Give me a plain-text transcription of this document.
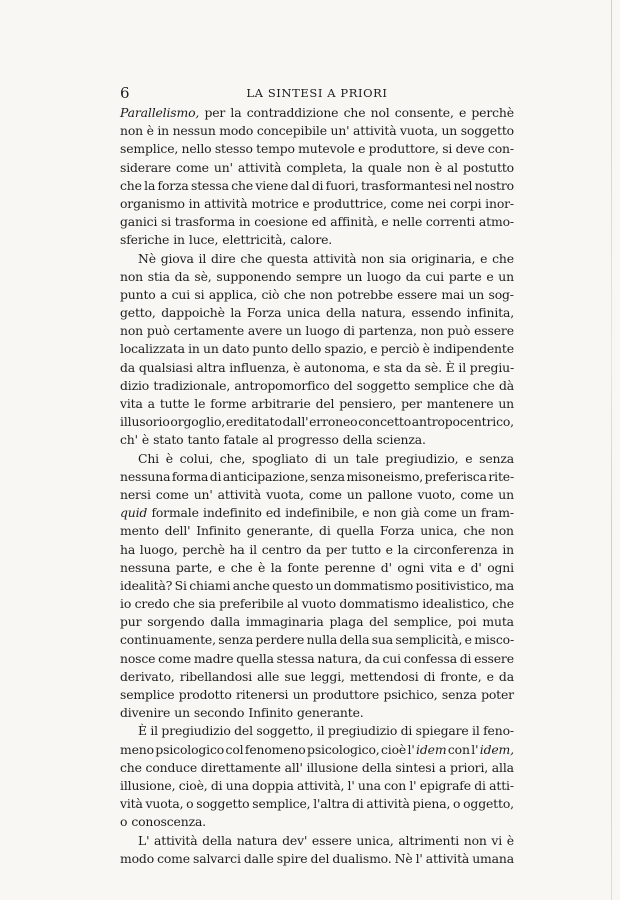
6	LA SINTESI A PRIORI
Parallelismo, per la contraddizione che nol consente, e perchè
non è in nessun modo concepibile un' attività vuota, un soggetto
semplice, nello stesso tempo mutevole e produttore, si deve con-
siderare come un' attività completa, la quale non è al postutto
che la forza stessa che viene dal di fuori, trasformantesi nel nostro
organismo in attività motrice e produttrice, come nei corpi inor-
ganici si trasforma in coesione ed affinità, e nelle correnti atmo-
sferiche in luce, elettricità, calore.
Nè giova il dire che questa attività non sia originaria, e che
non stia da sè, supponendo sempre un luogo da cui parte e un
punto a cui si applica, ciò che non potrebbe essere mai un sog-
getto, dappoichè la Forza unica della natura, essendo infinita,
non può certamente avere un luogo di partenza, non può essere
localizzata in un dato punto dello spazio, e perciò è indipendente
da qualsiasi altra influenza, è autonoma, e sta da sè. È il pregiu-
dizio tradizionale, antropomorfico del soggetto semplice che dà
vita a tutte le forme arbitrarie del pensiero, per mantenere un
illusorio orgoglio, ereditato dall' erroneo concetto antropocentrico,
ch' è stato tanto fatale al progresso della scienza.
Chi è colui, che, spogliato di un tale pregiudizio, e senza
nessuna forma di anticipazione, senza misoneismo, preferisca rite-
nersi come un' attività vuota, come un pallone vuoto, come un
quid formale indefinito ed indefinibile, e non già come un fram-
mento dell' Infinito generante, di quella Forza unica, che non
ha luogo, perchè ha il centro da per tutto e la circonferenza in
nessuna parte, e che è la fonte perenne d' ogni vita e d' ogni
idealità? Si chiami anche questo un dommatismo positivistico, ma
io credo che sia preferibile al vuoto dommatismo idealistico, che
pur sorgendo dalla immaginaria plaga del semplice, poi muta
continuamente, senza perdere nulla della sua semplicità, e misco-
nosce come madre quella stessa natura, da cui confessa di essere
derivato, ribellandosi alle sue leggi, mettendosi di fronte, e da
semplice prodotto ritenersi un produttore psichico, senza poter
divenire un secondo Infinito generante.
È il pregiudizio del soggetto, il pregiudizio di spiegare il feno-
meno psicologico col fenomeno psicologico, cioè l' idem con l' idem,
che conduce direttamente all' illusione della sintesi a priori, alla
illusione, cioè, di una doppia attività, l' una con l' epigrafe di atti-
vità vuota, o soggetto semplice, l'altra di attività piena, o oggetto,
o conoscenza.
L' attività della natura dev' essere unica, altrimenti non vi è
modo come salvarci dalle spire del dualismo. Nè l' attività umana
